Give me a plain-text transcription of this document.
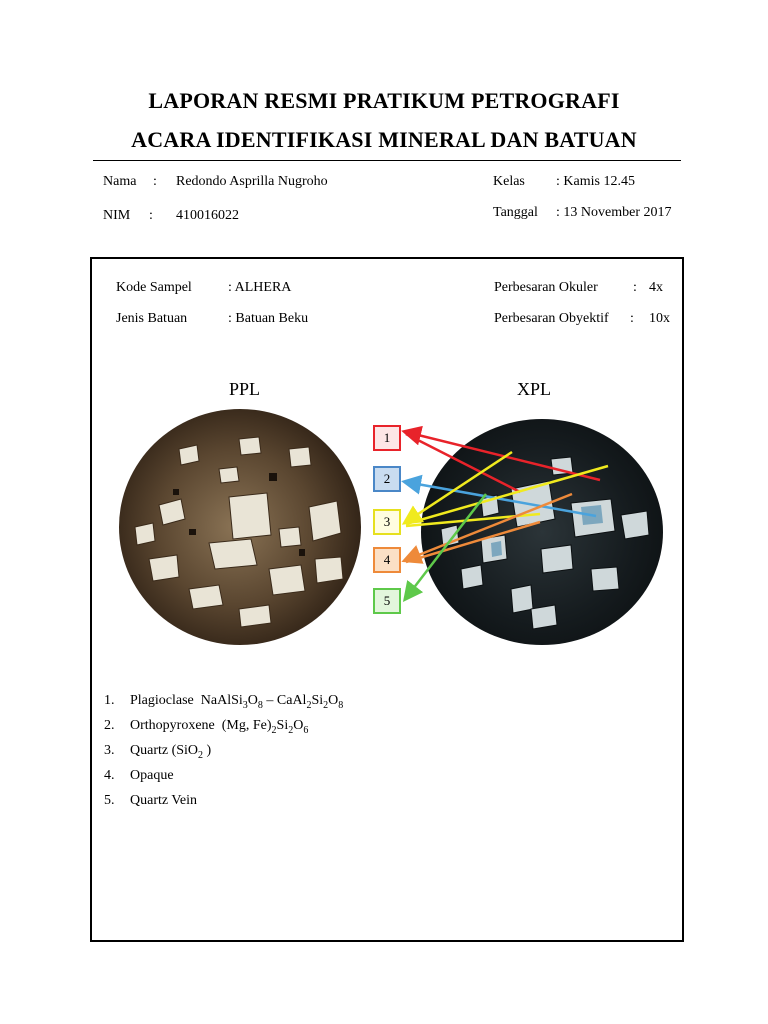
LAPORAN RESMI PRATIKUM PETROGRAFI
ACARA IDENTIFIKASI MINERAL DAN BATUAN
Nama : Redondo Asprilla Nugroho
NIM : 410016022
Kelas : Kamis 12.45
Tanggal : 13 November 2017
Kode Sampel	: ALHERA
Jenis Batuan	: Batuan Beku
Perbesaran Okuler	: 4x
Perbesaran Obyektif : 10x
PPL	XPL
1
2
3
4
5
1. Plagioclase $NaAlSi_3O_8$ – $CaAl_2Si_2O_8$
2. Orthopyroxene (Mg, $Fe)_2Si_2O_6$
3. Quartz (SiO$_2$ )
4. Opaque
5. Quartz Vein
